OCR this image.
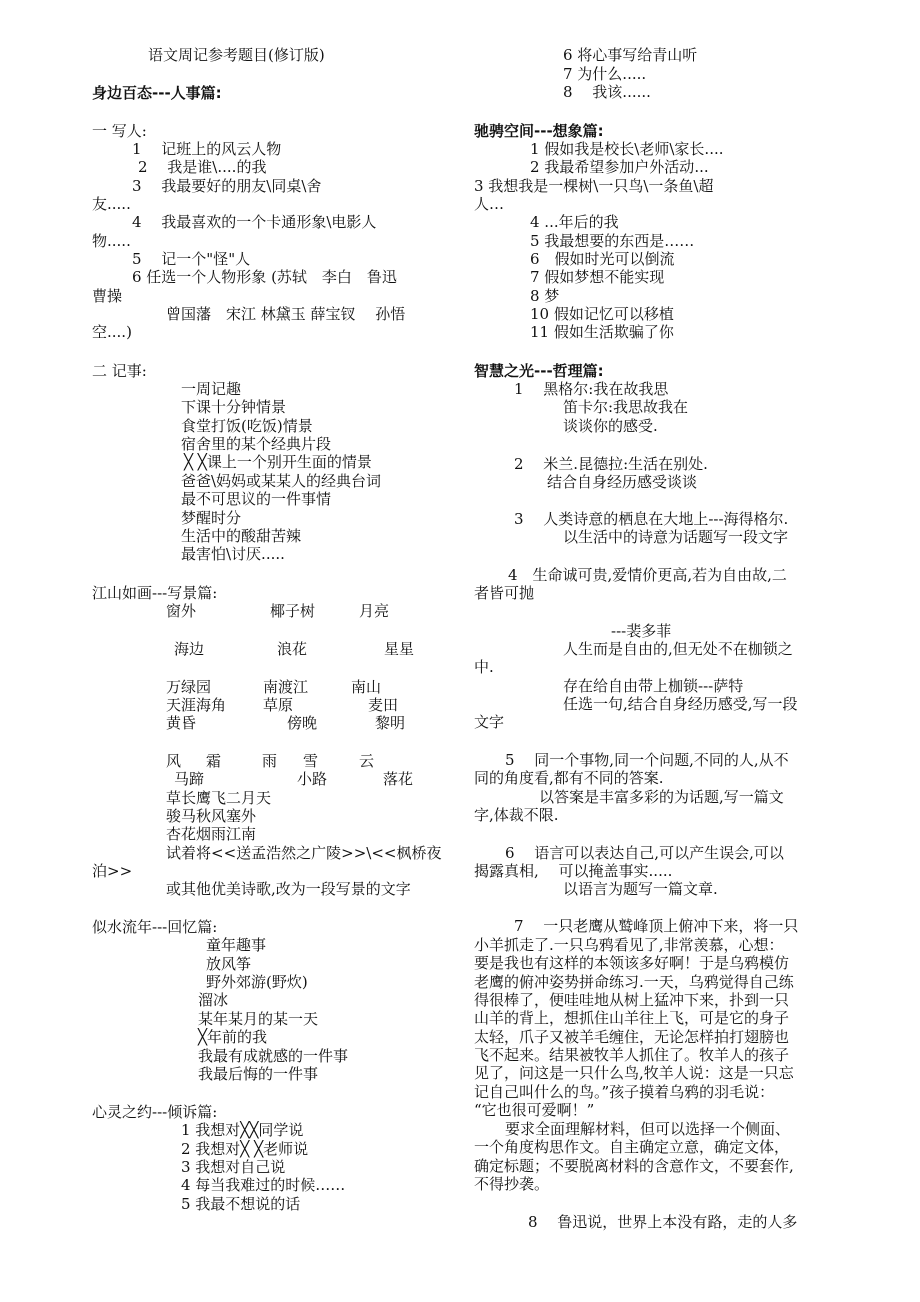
语文周记参考题目(修订版)
身边百态---人事篇:
一 写人:
1　 记班上的风云人物
2　 我是谁\....的我
3　 我最要好的朋友\同桌\舍
友.....
4　 我最喜欢的一个卡通形象\电影人
物.....
5　 记一个"怪"人
6 任选一个人物形象 (苏轼　李白　鲁迅
曹操
曾国藩　宋江 林黛玉 薛宝钗　 孙悟
空....)
二 记事:
一周记趣
下课十分钟情景
食堂打饭(吃饭)情景
宿舍里的某个经典片段
╳ ╳课上一个别开生面的情景
爸爸\妈妈或某某人的经典台词
最不可思议的一件事情
梦醒时分
生活中的酸甜苦辣
最害怕\讨厌.....
江山如画---写景篇:
窗外	椰子树	月亮
海边	浪花	星星
万绿园	南渡江	南山
天涯海角 草原	麦田
黄昏	傍晚	黎明
风 霜	雨 雪	云
马蹄	小路	落花
草长鹰飞二月天
骏马秋风塞外
杏花烟雨江南
试着将<<送孟浩然之广陵>>\<<枫桥夜
泊>>
或其他优美诗歌,改为一段写景的文字
似水流年---回忆篇:
童年趣事
放风筝
野外郊游(野炊)
溜冰
某年某月的某一天
╳年前的我
我最有成就感的一件事
我最后悔的一件事
心灵之约---倾诉篇:
1 我想对╳╳同学说
2 我想对╳ ╳老师说
3 我想对自己说
4 每当我难过的时候……
5 我最不想说的话
6 将心事写给青山听
7 为什么.....
8　 我该......
驰骋空间---想象篇:
1 假如我是校长\老师\家长....
2 我最希望参加户外活动...
3 我想我是一棵树\一只鸟\一条鱼\超
人…
4 ...年后的我
5 我最想要的东西是……
6　假如时光可以倒流
7 假如梦想不能实现
8 梦
10 假如记忆可以移植
11 假如生活欺骗了你
智慧之光---哲理篇:
1　 黑格尔:我在故我思
笛卡尔:我思故我在
谈谈你的感受.
2　 米兰.昆德拉:生活在别处.
结合自身经历感受谈谈
3　 人类诗意的栖息在大地上---海得格尔.
以生活中的诗意为话题写一段文字
4　生命诚可贵,爱情价更高,若为自由故,二
者皆可抛
---裴多菲
人生而是自由的,但无处不在枷锁之
中.
存在给自由带上枷锁---萨特
任选一句,结合自身经历感受,写一段
文字
5　 同一个事物,同一个问题,不同的人,从不
同的角度看,都有不同的答案.
以答案是丰富多彩的为话题,写一篇文
字,体裁不限.
6　 语言可以表达自己,可以产生误会,可以
揭露真相,　 可以掩盖事实.....
以语言为题写一篇文章.
7　 一只老鹰从鹫峰顶上俯冲下来，将一只
小羊抓走了.一只乌鸦看见了,非常羡慕，心想：
要是我也有这样的本领该多好啊！于是乌鸦模仿
老鹰的俯冲姿势拼命练习.一天，乌鸦觉得自己练
得很棒了，便哇哇地从树上猛冲下来，扑到一只
山羊的背上，想抓住山羊往上飞，可是它的身子
太轻，爪子又被羊毛缠住，无论怎样拍打翅膀也
飞不起来。结果被牧羊人抓住了。牧羊人的孩子
见了，问这是一只什么鸟,牧羊人说：这是一只忘
记自己叫什么的鸟。”孩子摸着乌鸦的羽毛说：
“它也很可爱啊！”
要求全面理解材料，但可以选择一个侧面、
一个角度构思作文。自主确定立意，确定文体，
确定标题；不要脱离材料的含意作文，不要套作,
不得抄袭。
8　 鲁迅说，世界上本没有路，走的人多
